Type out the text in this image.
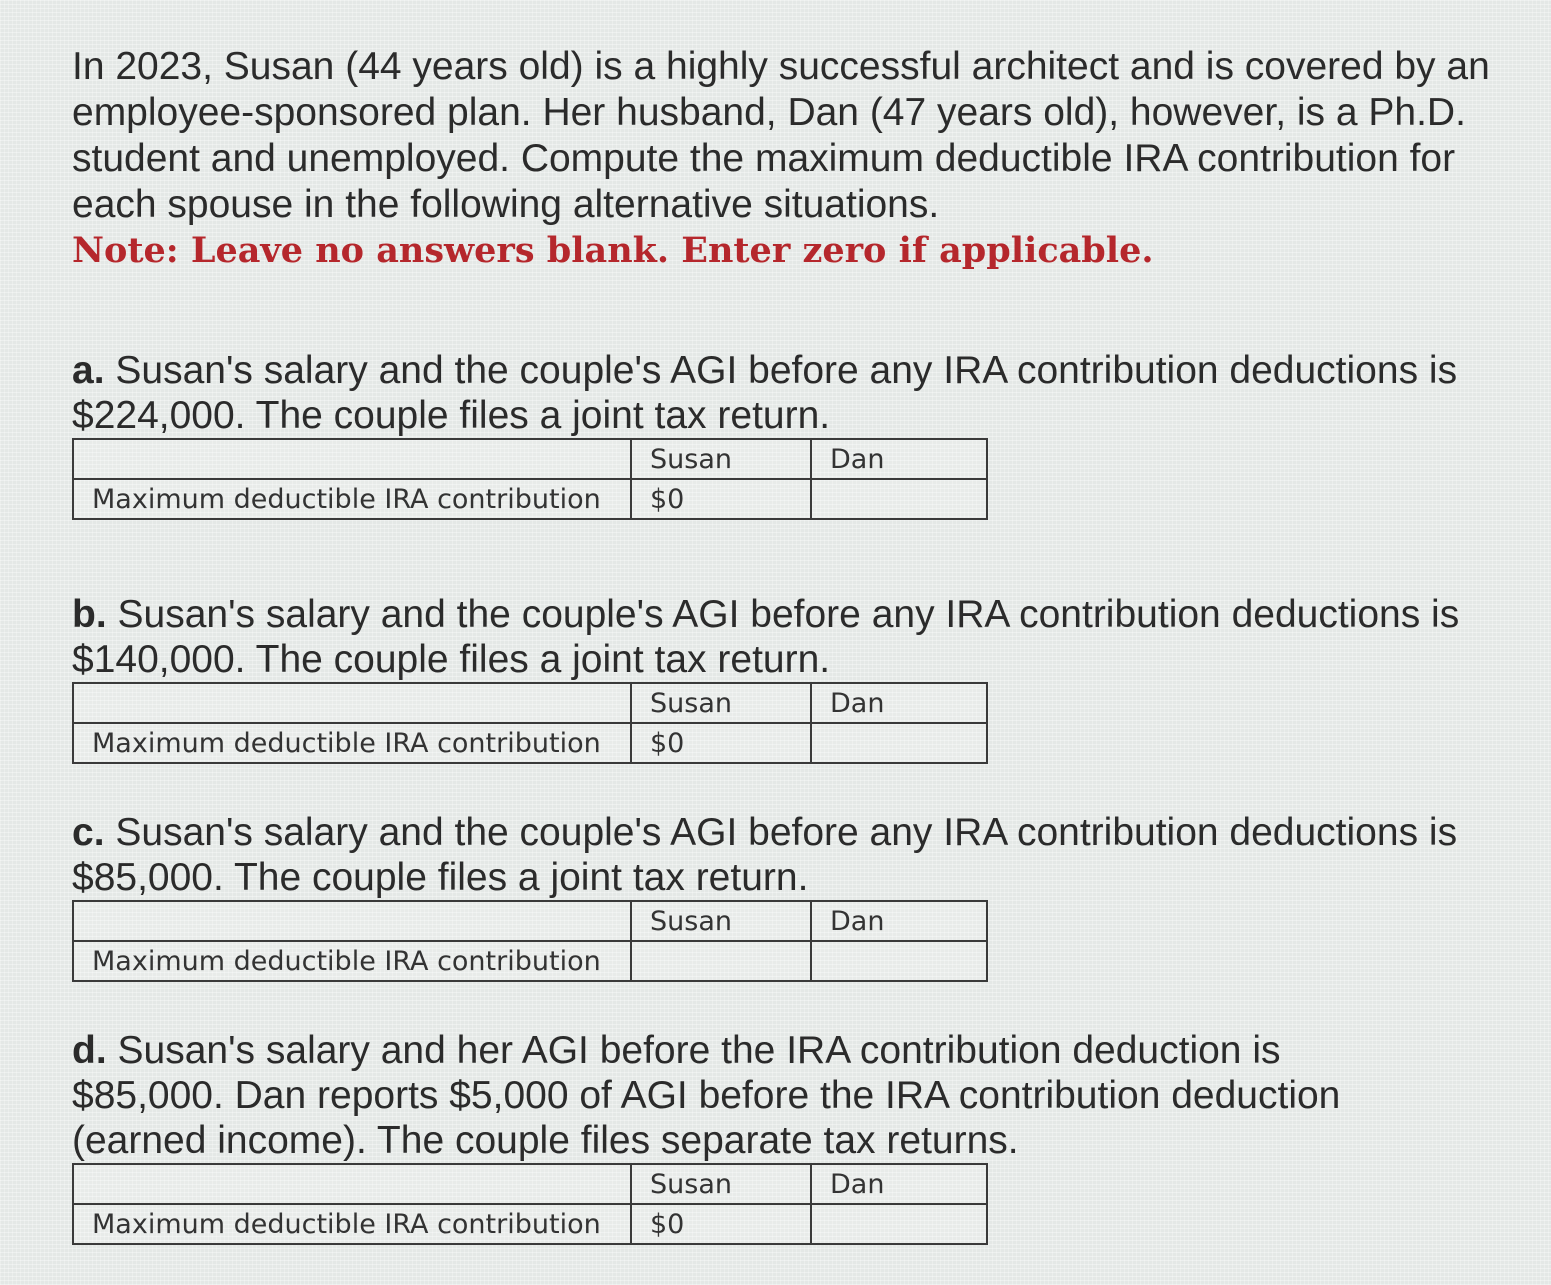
In 2023, Susan (44 years old) is a highly successful architect and is covered by an employee-sponsored plan. Her husband, Dan (47 years old), however, is a Ph.D. student and unemployed. Compute the maximum deductible IRA contribution for each spouse in the following alternative situations.

Note: Leave no answers blank. Enter zero if applicable.

a. Susan's salary and the couple's AGI before any IRA contribution deductions is $224,000. The couple files a joint tax return.

	Susan	Dan
Maximum deductible IRA contribution	$0	

b. Susan's salary and the couple's AGI before any IRA contribution deductions is $140,000. The couple files a joint tax return.

	Susan	Dan
Maximum deductible IRA contribution	$0	

c. Susan's salary and the couple's AGI before any IRA contribution deductions is $85,000. The couple files a joint tax return.

	Susan	Dan
Maximum deductible IRA contribution		

d. Susan's salary and her AGI before the IRA contribution deduction is $85,000. Dan reports $5,000 of AGI before the IRA contribution deduction (earned income). The couple files separate tax returns.

	Susan	Dan
Maximum deductible IRA contribution	$0	
